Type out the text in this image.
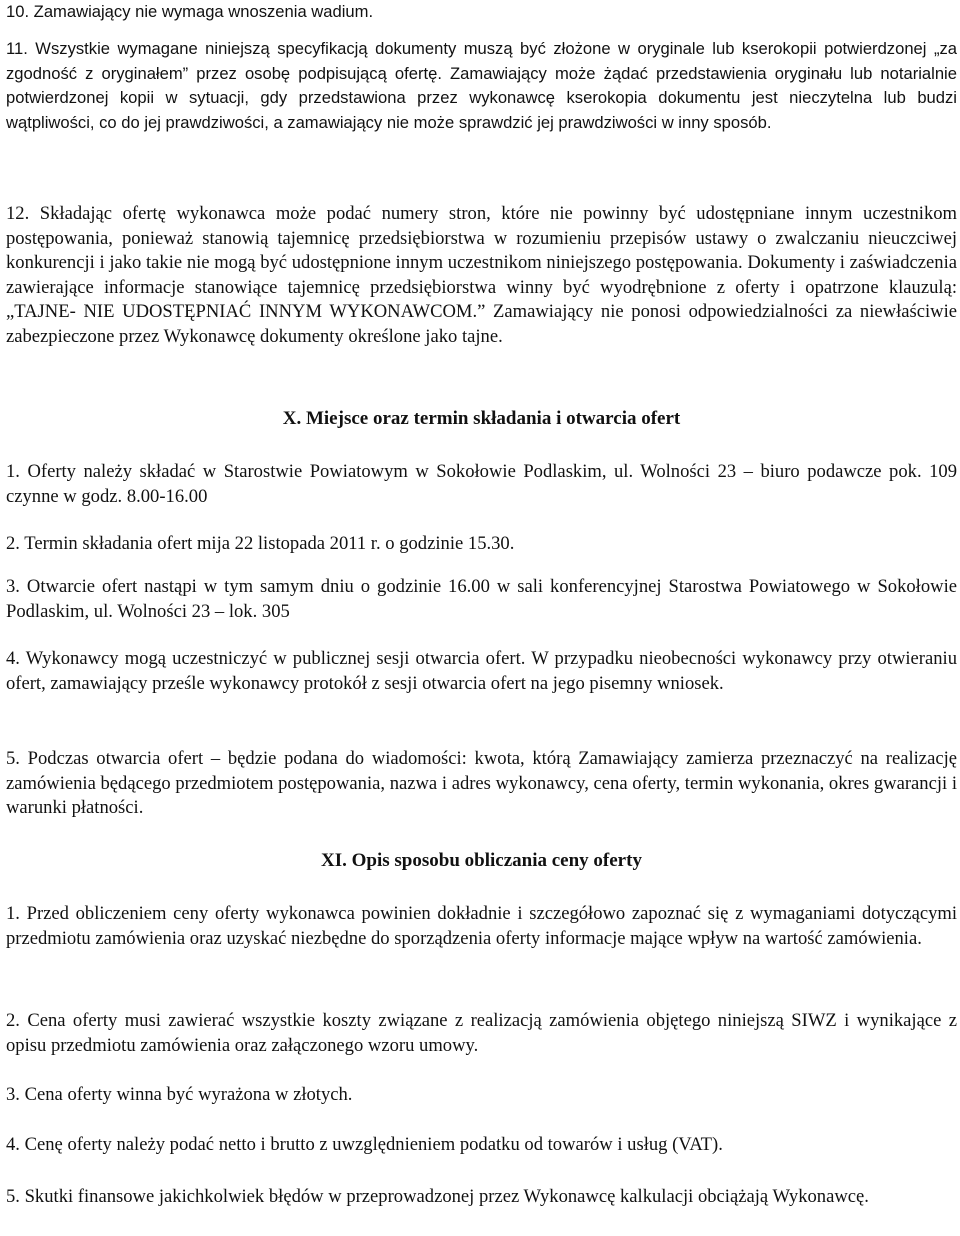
10. Zamawiający nie wymaga wnoszenia wadium.

11. Wszystkie wymagane niniejszą specyfikacją dokumenty muszą być złożone w oryginale lub kserokopii potwierdzonej „za zgodność z oryginałem” przez osobę podpisującą ofertę. Zamawiający może żądać przedstawienia oryginału lub notarialnie potwierdzonej kopii w sytuacji, gdy przedstawiona przez wykonawcę kserokopia dokumentu jest nieczytelna lub budzi wątpliwości, co do jej prawdziwości, a zamawiający nie może sprawdzić jej prawdziwości w inny sposób.

12. Składając ofertę wykonawca może podać numery stron, które nie powinny być udostępniane innym uczestnikom postępowania, ponieważ stanowią tajemnicę przedsiębiorstwa w rozumieniu przepisów ustawy o zwalczaniu nieuczciwej konkurencji i jako takie nie mogą być udostępnione innym uczestnikom niniejszego postępowania. Dokumenty i zaświadczenia zawierające informacje stanowiące tajemnicę przedsiębiorstwa winny być wyodrębnione z oferty i opatrzone klauzulą: „TAJNE- NIE UDOSTĘPNIAĆ INNYM WYKONAWCOM.” Zamawiający nie ponosi odpowiedzialności za niewłaściwie zabezpieczone przez Wykonawcę dokumenty określone jako tajne.

X. Miejsce oraz termin składania i otwarcia ofert

1. Oferty należy składać w Starostwie Powiatowym w Sokołowie Podlaskim, ul. Wolności 23 – biuro podawcze pok. 109 czynne w godz. 8.00-16.00

2. Termin składania ofert mija 22 listopada 2011 r. o godzinie 15.30.

3. Otwarcie ofert nastąpi w tym samym dniu o godzinie 16.00 w sali konferencyjnej Starostwa Powiatowego w Sokołowie Podlaskim, ul. Wolności 23 – lok. 305

4. Wykonawcy mogą uczestniczyć w publicznej sesji otwarcia ofert. W przypadku nieobecności wykonawcy przy otwieraniu ofert, zamawiający prześle wykonawcy protokół z sesji otwarcia ofert na jego pisemny wniosek.

5. Podczas otwarcia ofert – będzie podana do wiadomości: kwota, którą Zamawiający zamierza przeznaczyć na realizację zamówienia będącego przedmiotem postępowania, nazwa i adres wykonawcy, cena oferty, termin wykonania, okres gwarancji i warunki płatności.

XI. Opis sposobu obliczania ceny oferty

1. Przed obliczeniem ceny oferty wykonawca powinien dokładnie i szczegółowo zapoznać się z wymaganiami dotyczącymi przedmiotu zamówienia oraz uzyskać niezbędne do sporządzenia oferty informacje mające wpływ na wartość zamówienia.

2. Cena oferty musi zawierać wszystkie koszty związane z realizacją zamówienia objętego niniejszą SIWZ i wynikające z opisu przedmiotu zamówienia oraz załączonego wzoru umowy.

3. Cena oferty winna być wyrażona w złotych.

4. Cenę oferty należy podać netto i brutto z uwzględnieniem podatku od towarów i usług (VAT).

5. Skutki finansowe jakichkolwiek błędów w przeprowadzonej przez Wykonawcę kalkulacji obciążają Wykonawcę.
